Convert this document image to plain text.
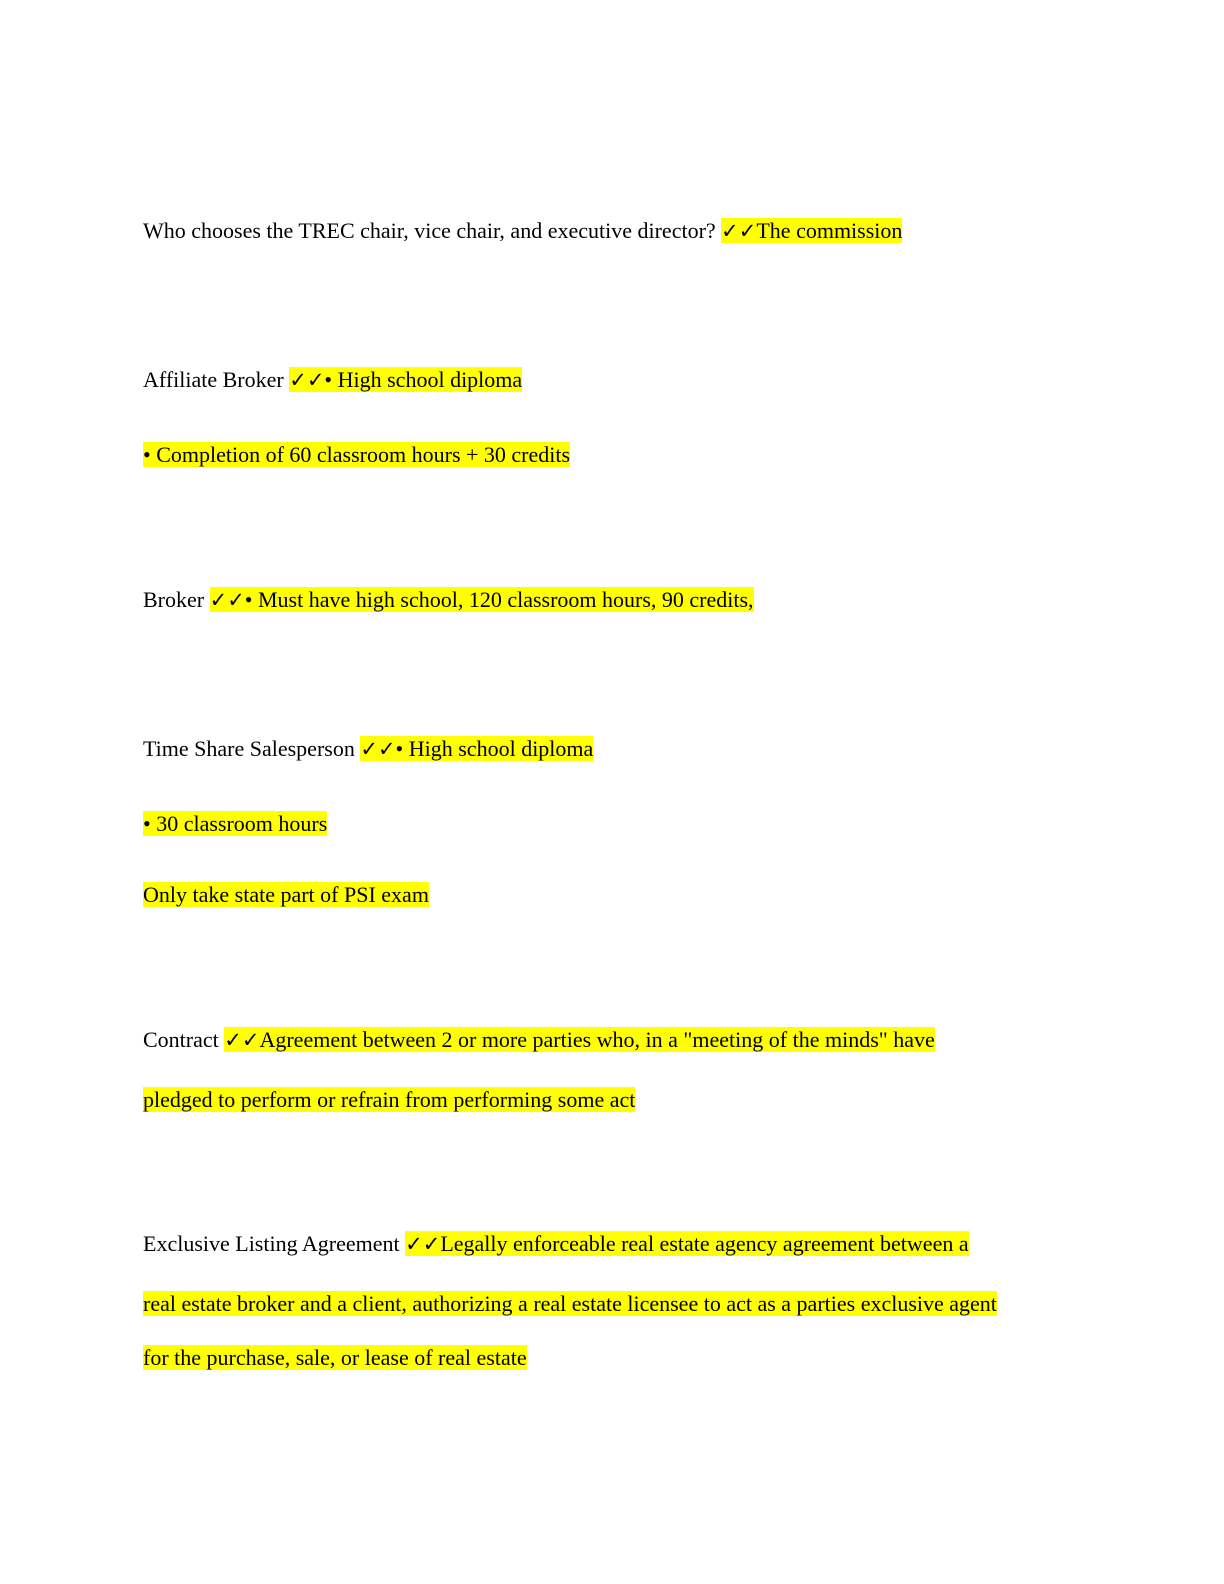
Who chooses the TREC chair, vice chair, and executive director? ✓✓The commission
Affiliate Broker ✓✓• High school diploma
• Completion of 60 classroom hours + 30 credits
Broker ✓✓• Must have high school, 120 classroom hours, 90 credits,
Time Share Salesperson ✓✓• High school diploma
• 30 classroom hours
Only take state part of PSI exam
Contract ✓✓Agreement between 2 or more parties who, in a "meeting of the minds" have
pledged to perform or refrain from performing some act
Exclusive Listing Agreement ✓✓Legally enforceable real estate agency agreement between a
real estate broker and a client, authorizing a real estate licensee to act as a parties exclusive agent
for the purchase, sale, or lease of real estate
